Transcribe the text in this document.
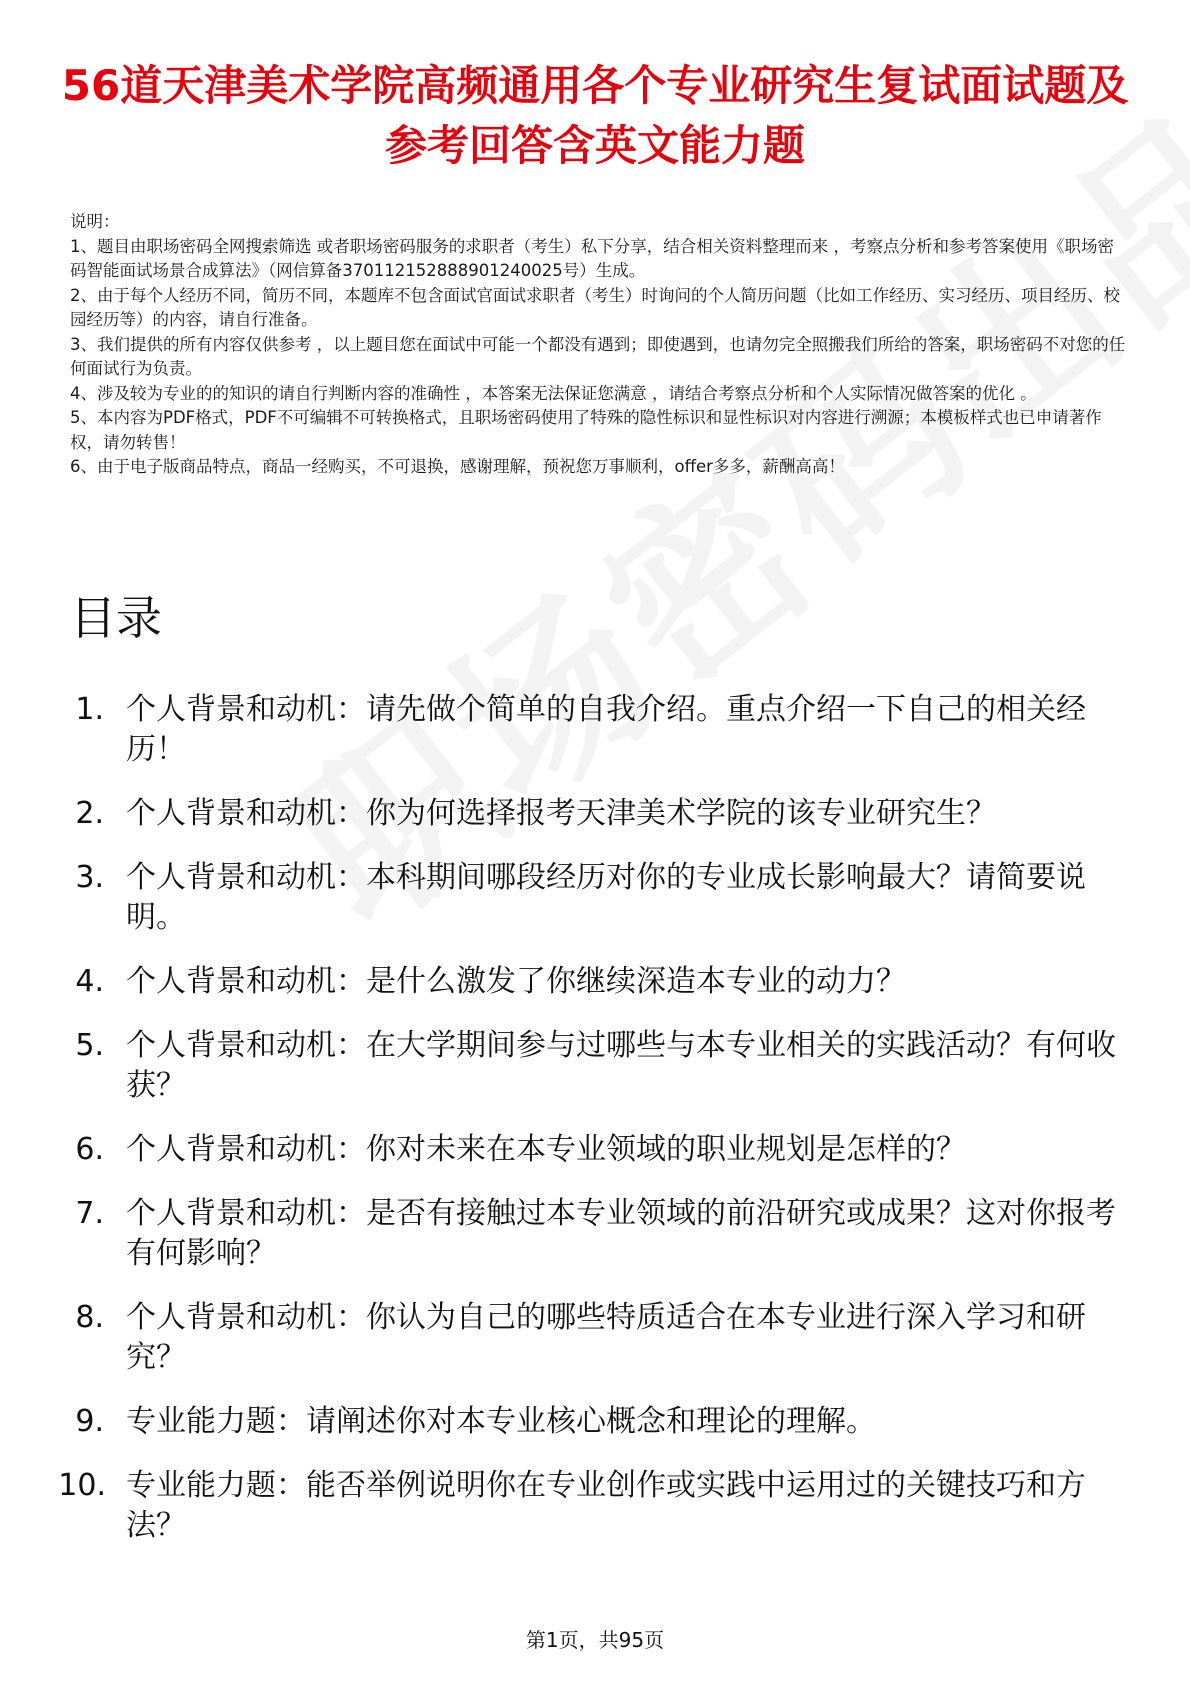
56道天津美术学院高频通用各个专业研究生复试面试题及参考回答含英文能力题

说明：

1、题目由职场密码全网搜索筛选 或者职场密码服务的求职者（考生）私下分享，结合相关资料整理而来 ，考察点分析和参考答案使用《职场密码智能面试场景合成算法》（网信算备370112152888901240025号）生成。

2、由于每个人经历不同，简历不同，本题库不包含面试官面试求职者（考生）时询问的个人简历问题（比如工作经历、实习经历、项目经历、校园经历等）的内容，请自行准备。

3、我们提供的所有内容仅供参考 ，以上题目您在面试中可能一个都没有遇到；即使遇到，也请勿完全照搬我们所给的答案，职场密码不对您的任何面试行为负责。

4、涉及较为专业的的知识的请自行判断内容的准确性 ，本答案无法保证您满意 ，请结合考察点分析和个人实际情况做答案的优化 。

5、本内容为PDF格式，PDF不可编辑不可转换格式，且职场密码使用了特殊的隐性标识和显性标识对内容进行溯源；本模板样式也已申请著作权，请勿转售！

6、由于电子版商品特点，商品一经购买，不可退换，感谢理解，预祝您万事顺利，offer多多，薪酬高高！

目录
1. 个人背景和动机：请先做个简单的自我介绍。重点介绍一下自己的相关经历！
2. 个人背景和动机：你为何选择报考天津美术学院的该专业研究生？
3. 个人背景和动机：本科期间哪段经历对你的专业成长影响最大？请简要说明。
4. 个人背景和动机：是什么激发了你继续深造本专业的动力？
5. 个人背景和动机：在大学期间参与过哪些与本专业相关的实践活动？有何收获？
6. 个人背景和动机：你对未来在本专业领域的职业规划是怎样的？
7. 个人背景和动机：是否有接触过本专业领域的前沿研究或成果？这对你报考有何影响？
8. 个人背景和动机：你认为自己的哪些特质适合在本专业进行深入学习和研究？
9. 专业能力题：请阐述你对本专业核心概念和理论的理解。
10. 专业能力题：能否举例说明你在专业创作或实践中运用过的关键技巧和方法？
第1页，共95页
